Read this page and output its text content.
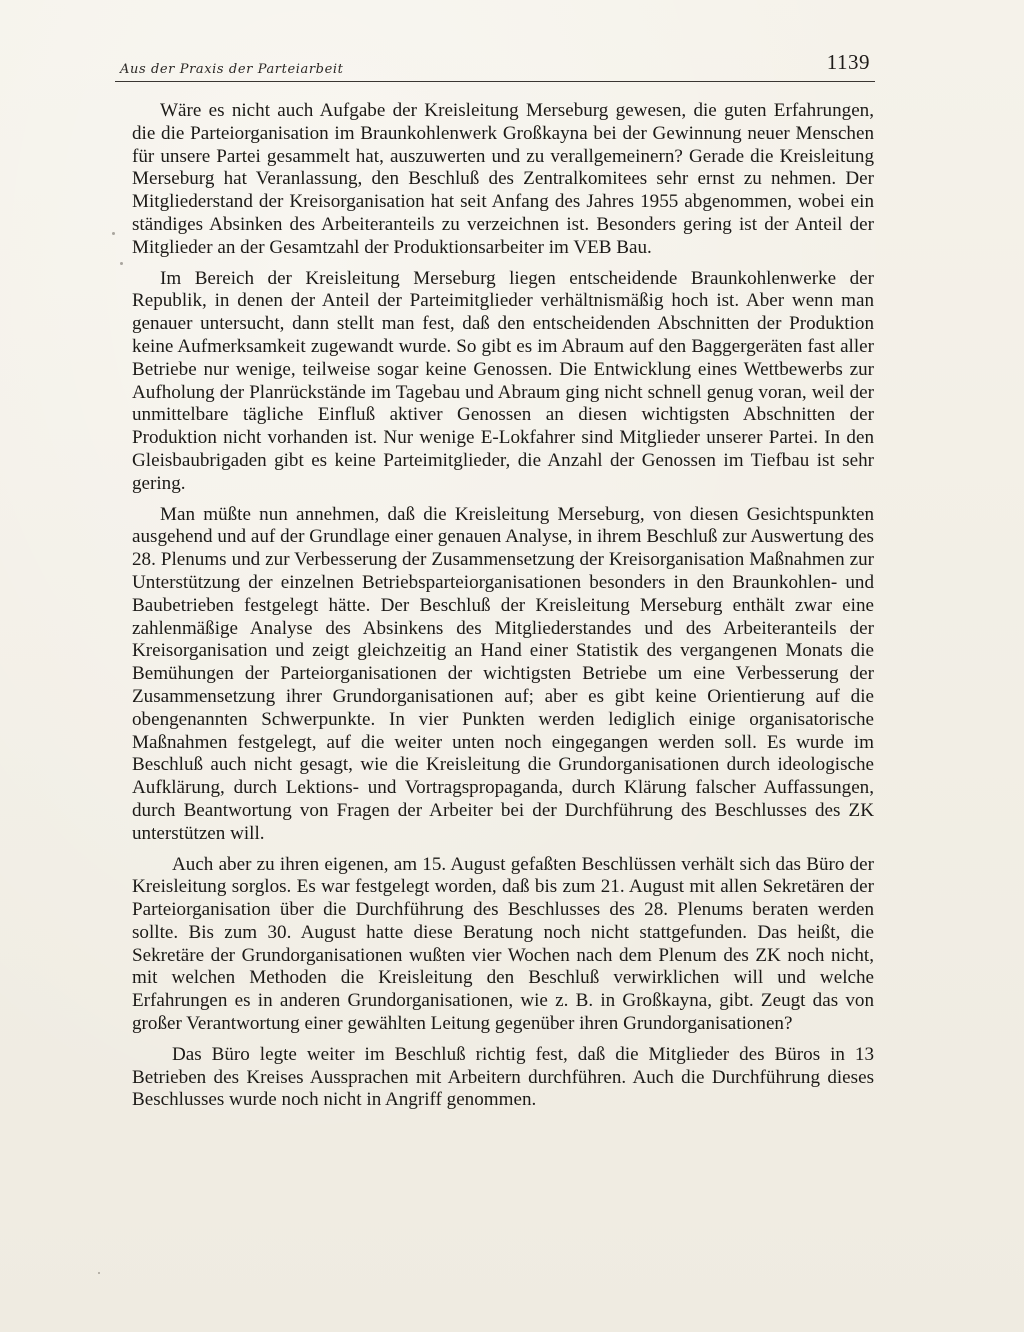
Aus der Praxis der Parteiarbeit	1139

Wäre es nicht auch Aufgabe der Kreisleitung Merseburg gewesen, die guten Erfahrungen, die die Parteiorganisation im Braunkohlenwerk Großkayna bei der Gewinnung neuer Menschen für unsere Partei gesammelt hat, auszuwerten und zu verallgemeinern? Gerade die Kreisleitung Merseburg hat Veranlassung, den Beschluß des Zentralkomitees sehr ernst zu nehmen. Der Mitgliederstand der Kreisorganisation hat seit Anfang des Jahres 1955 abgenommen, wobei ein ständiges Absinken des Arbeiteranteils zu verzeichnen ist. Besonders gering ist der Anteil der Mitglieder an der Gesamtzahl der Produktionsarbeiter im VEB Bau.

Im Bereich der Kreisleitung Merseburg liegen entscheidende Braunkohlenwerke der Republik, in denen der Anteil der Parteimitglieder verhältnismäßig hoch ist. Aber wenn man genauer untersucht, dann stellt man fest, daß den entscheidenden Abschnitten der Produktion keine Aufmerksamkeit zugewandt wurde. So gibt es im Abraum auf den Baggergeräten fast aller Betriebe nur wenige, teilweise sogar keine Genossen. Die Entwicklung eines Wettbewerbs zur Aufholung der Planrückstände im Tagebau und Abraum ging nicht schnell genug voran, weil der unmittelbare tägliche Einfluß aktiver Genossen an diesen wichtigsten Abschnitten der Produktion nicht vorhanden ist. Nur wenige E-Lokfahrer sind Mitglieder unserer Partei. In den Gleisbaubrigaden gibt es keine Parteimitglieder, die Anzahl der Genossen im Tiefbau ist sehr gering.

Man müßte nun annehmen, daß die Kreisleitung Merseburg, von diesen Gesichtspunkten ausgehend und auf der Grundlage einer genauen Analyse, in ihrem Beschluß zur Auswertung des 28. Plenums und zur Verbesserung der Zusammensetzung der Kreisorganisation Maßnahmen zur Unterstützung der einzelnen Betriebsparteiorganisationen besonders in den Braunkohlen- und Baubetrieben festgelegt hätte. Der Beschluß der Kreisleitung Merseburg enthält zwar eine zahlenmäßige Analyse des Absinkens des Mitgliederstandes und des Arbeiteranteils der Kreisorganisation und zeigt gleichzeitig an Hand einer Statistik des vergangenen Monats die Bemühungen der Parteiorganisationen der wichtigsten Betriebe um eine Verbesserung der Zusammensetzung ihrer Grundorganisationen auf; aber es gibt keine Orientierung auf die obengenannten Schwerpunkte. In vier Punkten werden lediglich einige organisatorische Maßnahmen festgelegt, auf die weiter unten noch eingegangen werden soll. Es wurde im Beschluß auch nicht gesagt, wie die Kreisleitung die Grundorganisationen durch ideologische Aufklärung, durch Lektions- und Vortragspropaganda, durch Klärung falscher Auffassungen, durch Beantwortung von Fragen der Arbeiter bei der Durchführung des Beschlusses des ZK unterstützen will.

Auch aber zu ihren eigenen, am 15. August gefaßten Beschlüssen verhält sich das Büro der Kreisleitung sorglos. Es war festgelegt worden, daß bis zum 21. August mit allen Sekretären der Parteiorganisation über die Durchführung des Beschlusses des 28. Plenums beraten werden sollte. Bis zum 30. August hatte diese Beratung noch nicht stattgefunden. Das heißt, die Sekretäre der Grundorganisationen wußten vier Wochen nach dem Plenum des ZK noch nicht, mit welchen Methoden die Kreisleitung den Beschluß verwirklichen will und welche Erfahrungen es in anderen Grundorganisationen, wie z. B. in Großkayna, gibt. Zeugt das von großer Verantwortung einer gewählten Leitung gegenüber ihren Grundorganisationen?

Das Büro legte weiter im Beschluß richtig fest, daß die Mitglieder des Büros in 13 Betrieben des Kreises Aussprachen mit Arbeitern durchführen. Auch die Durchführung dieses Beschlusses wurde noch nicht in Angriff genommen.
